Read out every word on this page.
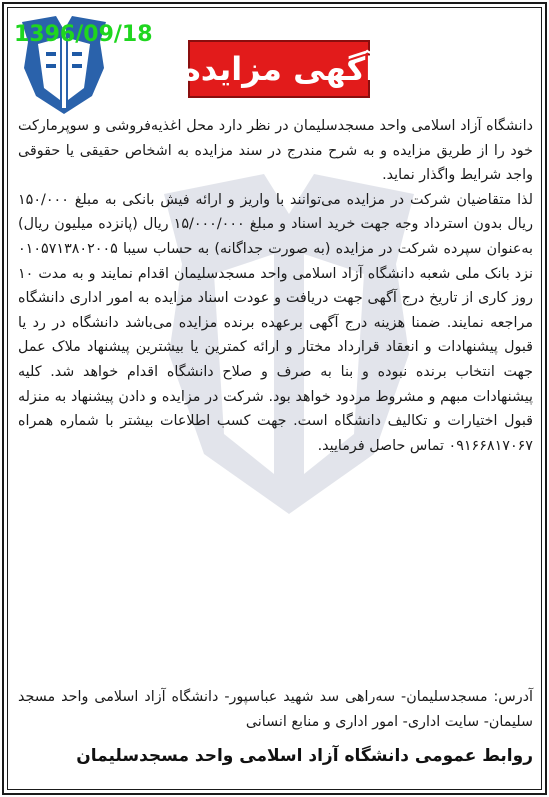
1396/09/18
آگهی مزایده

دانشگاه آزاد اسلامی واحد مسجدسلیمان در نظر دارد محل اغذیه‌فروشی و سوپرمارکت خود را از طریق مزایده و به شرح مندرج در سند مزایده به اشخاص حقیقی یا حقوقی واجد شرایط واگذار نماید.

لذا متقاضیان شرکت در مزایده می‌توانند با واریز و ارائه فیش بانکی به مبلغ ۱۵۰/۰۰۰ ریال بدون استرداد وجه جهت خرید اسناد و مبلغ ۱۵/۰۰۰/۰۰۰ ریال (پانزده میلیون ریال) به‌عنوان سپرده شرکت در مزایده (به صورت جداگانه) به حساب سیبا ۰۱۰۵۷۱۳۸۰۲۰۰۵ نزد بانک ملی شعبه دانشگاه آزاد اسلامی واحد مسجدسلیمان اقدام نمایند و به مدت ۱۰ روز کاری از تاریخ درج آگهی جهت دریافت و عودت اسناد مزایده به امور اداری دانشگاه مراجعه نمایند. ضمنا هزینه درج آگهی برعهده برنده مزایده می‌باشد دانشگاه در رد یا قبول پیشنهادات و انعقاد قرارداد مختار و ارائه کمترین یا بیشترین پیشنهاد ملاک عمل جهت انتخاب برنده نبوده و بنا به صرف و صلاح دانشگاه اقدام خواهد شد. کلیه پیشنهادات مبهم و مشروط مردود خواهد بود. شرکت در مزایده و دادن پیشنهاد به منزله قبول اختیارات و تکالیف دانشگاه است. جهت کسب اطلاعات بیشتر با شماره همراه ۰۹۱۶۶۸۱۷۰۶۷ تماس حاصل فرمایید.

آدرس: مسجدسلیمان- سه‌راهی سد شهید عباسپور- دانشگاه آزاد اسلامی واحد مسجد سلیمان- سایت اداری- امور اداری و منابع انسانی
روابط عمومی دانشگاه آزاد اسلامی واحد مسجدسلیمان
